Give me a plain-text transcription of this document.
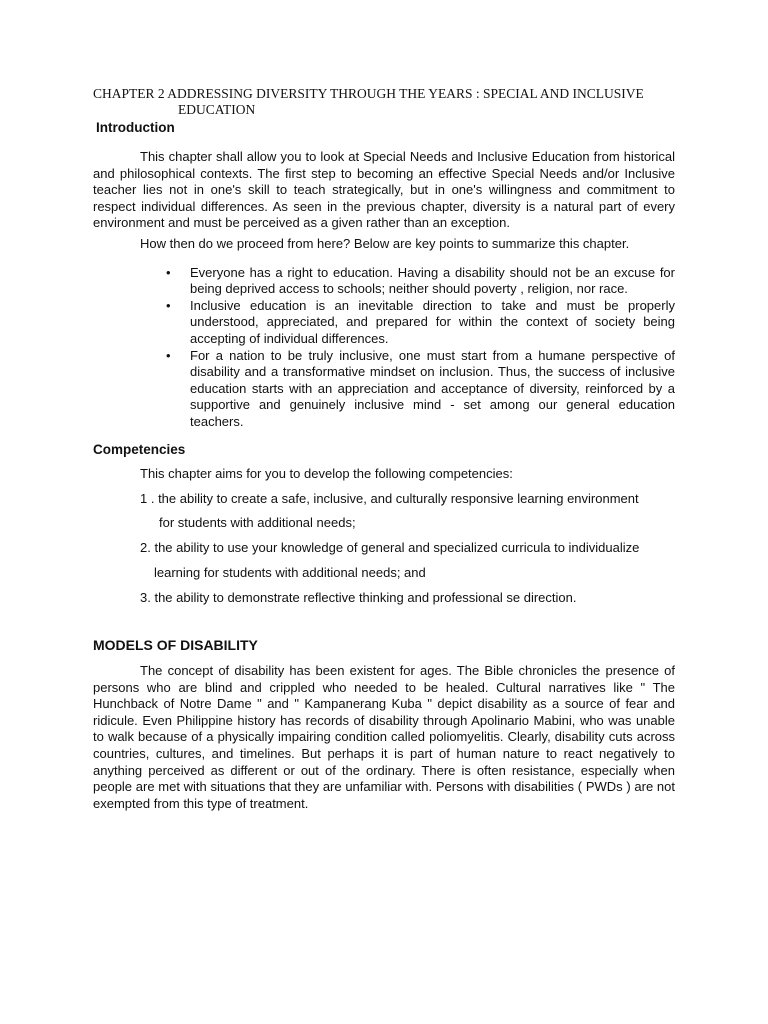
CHAPTER 2 ADDRESSING DIVERSITY THROUGH THE YEARS : SPECIAL AND INCLUSIVE
EDUCATION
Introduction

This chapter shall allow you to look at Special Needs and Inclusive Education from historical and philosophical contexts. The first step to becoming an effective Special Needs and/or Inclusive teacher lies not in one's skill to teach strategically, but in one's willingness and commitment to respect individual differences. As seen in the previous chapter, diversity is a natural part of every environment and must be perceived as a given rather than an exception.

How then do we proceed from here? Below are key points to summarize this chapter.

• Everyone has a right to education. Having a disability should not be an excuse for being deprived access to schools; neither should poverty , religion, nor race.
• Inclusive education is an inevitable direction to take and must be properly understood, appreciated, and prepared for within the context of society being accepting of individual differences.
• For a nation to be truly inclusive, one must start from a humane perspective of disability and a transformative mindset on inclusion. Thus, the success of inclusive education starts with an appreciation and acceptance of diversity, reinforced by a supportive and genuinely inclusive mind - set among our general education teachers.
Competencies

This chapter aims for you to develop the following competencies:

1 . the ability to create a safe, inclusive, and culturally responsive learning environment

for students with additional needs;

2. the ability to use your knowledge of general and specialized curricula to individualize

learning for students with additional needs; and

3. the ability to demonstrate reflective thinking and professional se direction.

MODELS OF DISABILITY

The concept of disability has been existent for ages. The Bible chronicles the presence of persons who are blind and crippled who needed to be healed. Cultural narratives like " The Hunchback of Notre Dame " and " Kampanerang Kuba " depict disability as a source of fear and ridicule. Even Philippine history has records of disability through Apolinario Mabini, who was unable to walk because of a physically impairing condition called poliomyelitis. Clearly, disability cuts across countries, cultures, and timelines. But perhaps it is part of human nature to react negatively to anything perceived as different or out of the ordinary. There is often resistance, especially when people are met with situations that they are unfamiliar with. Persons with disabilities ( PWDs ) are not exempted from this type of treatment.
